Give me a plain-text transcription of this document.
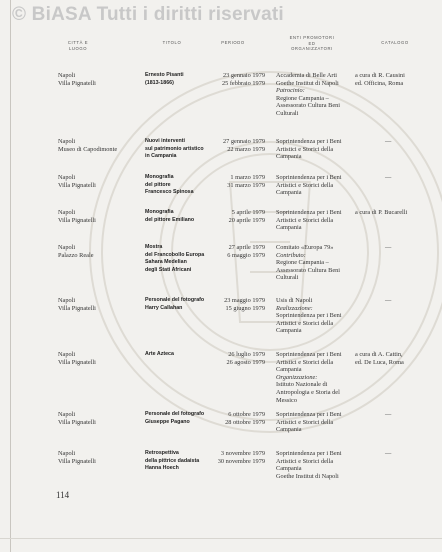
© BiASA Tutti i diritti riservati
CITTÀ E LUOGO
TITOLO	PERIODO
ENTI PROMOTORI
ED
ORGANIZZATORI
CATALOGO
Napoli
Villa Pignatelli
Ernesto Pisanti
(1813-1866)
23 gennaio 1979
25 febbraio 1979
Accademia di Belle Arti
Goethe Institut di Napoli
Patrocinio:
Regione Campania – Assessorato Cultura Beni Culturali
a cura di R. Causini
ed. Officina, Roma
Napoli
Museo di Capodimonte
Nuovi interventi
sul patrimonio artistico
in Campania
27 gennaio 1979
22 marzo 1979
Soprintendenza per i Beni Artistici e Storici della Campania
—
Napoli
Villa Pignatelli
Monografia
del pittore
Francesco Spinosa
1 marzo 1979
31 marzo 1979
Soprintendenza per i Beni Artistici e Storici della Campania
—
Napoli
Villa Pignatelli
Monografia
del pittore Emiliano
5 aprile 1979
20 aprile 1979
Soprintendenza per i Beni Artistici e Storici della Campania
a cura di P. Bucarelli
Napoli
Palazzo Reale
Mostra
del Francobollo Europa
Sahara Medelian
degli Stati Africani
27 aprile 1979
6 maggio 1979
Comitato «Europa 79»
Contributo:
Regione Campania – Assessorato Cultura Beni Culturali
—
Napoli
Villa Pignatelli
Personale del fotografo
Harry Callahan
23 maggio 1979
15 giugno 1979
Usis di Napoli
Realizzazione:
Soprintendenza per i Beni Artistici e Storici della Campania
—
Napoli
Villa Pignatelli
Arte Azteca	26 luglio 1979
26 agosto 1979
Soprintendenza per i Beni Artistici e Storici della Campania
Organizzazione:
Istituto Nazionale di Antropologia e Storia del Messico
a cura di A. Cattin,
ed. De Luca, Roma
Napoli
Villa Pignatelli
Personale del fotografo
Giuseppe Pagano
6 ottobre 1979
28 ottobre 1979
Soprintendenza per i Beni Artistici e Storici della Campania
—
Napoli
Villa Pignatelli
Retrospettiva
della pittrice dadaista
Hanna Hoech
3 novembre 1979
30 novembre 1979
Soprintendenza per i Beni Artistici e Storici della Campania
Goethe Institut di Napoli
—
114
